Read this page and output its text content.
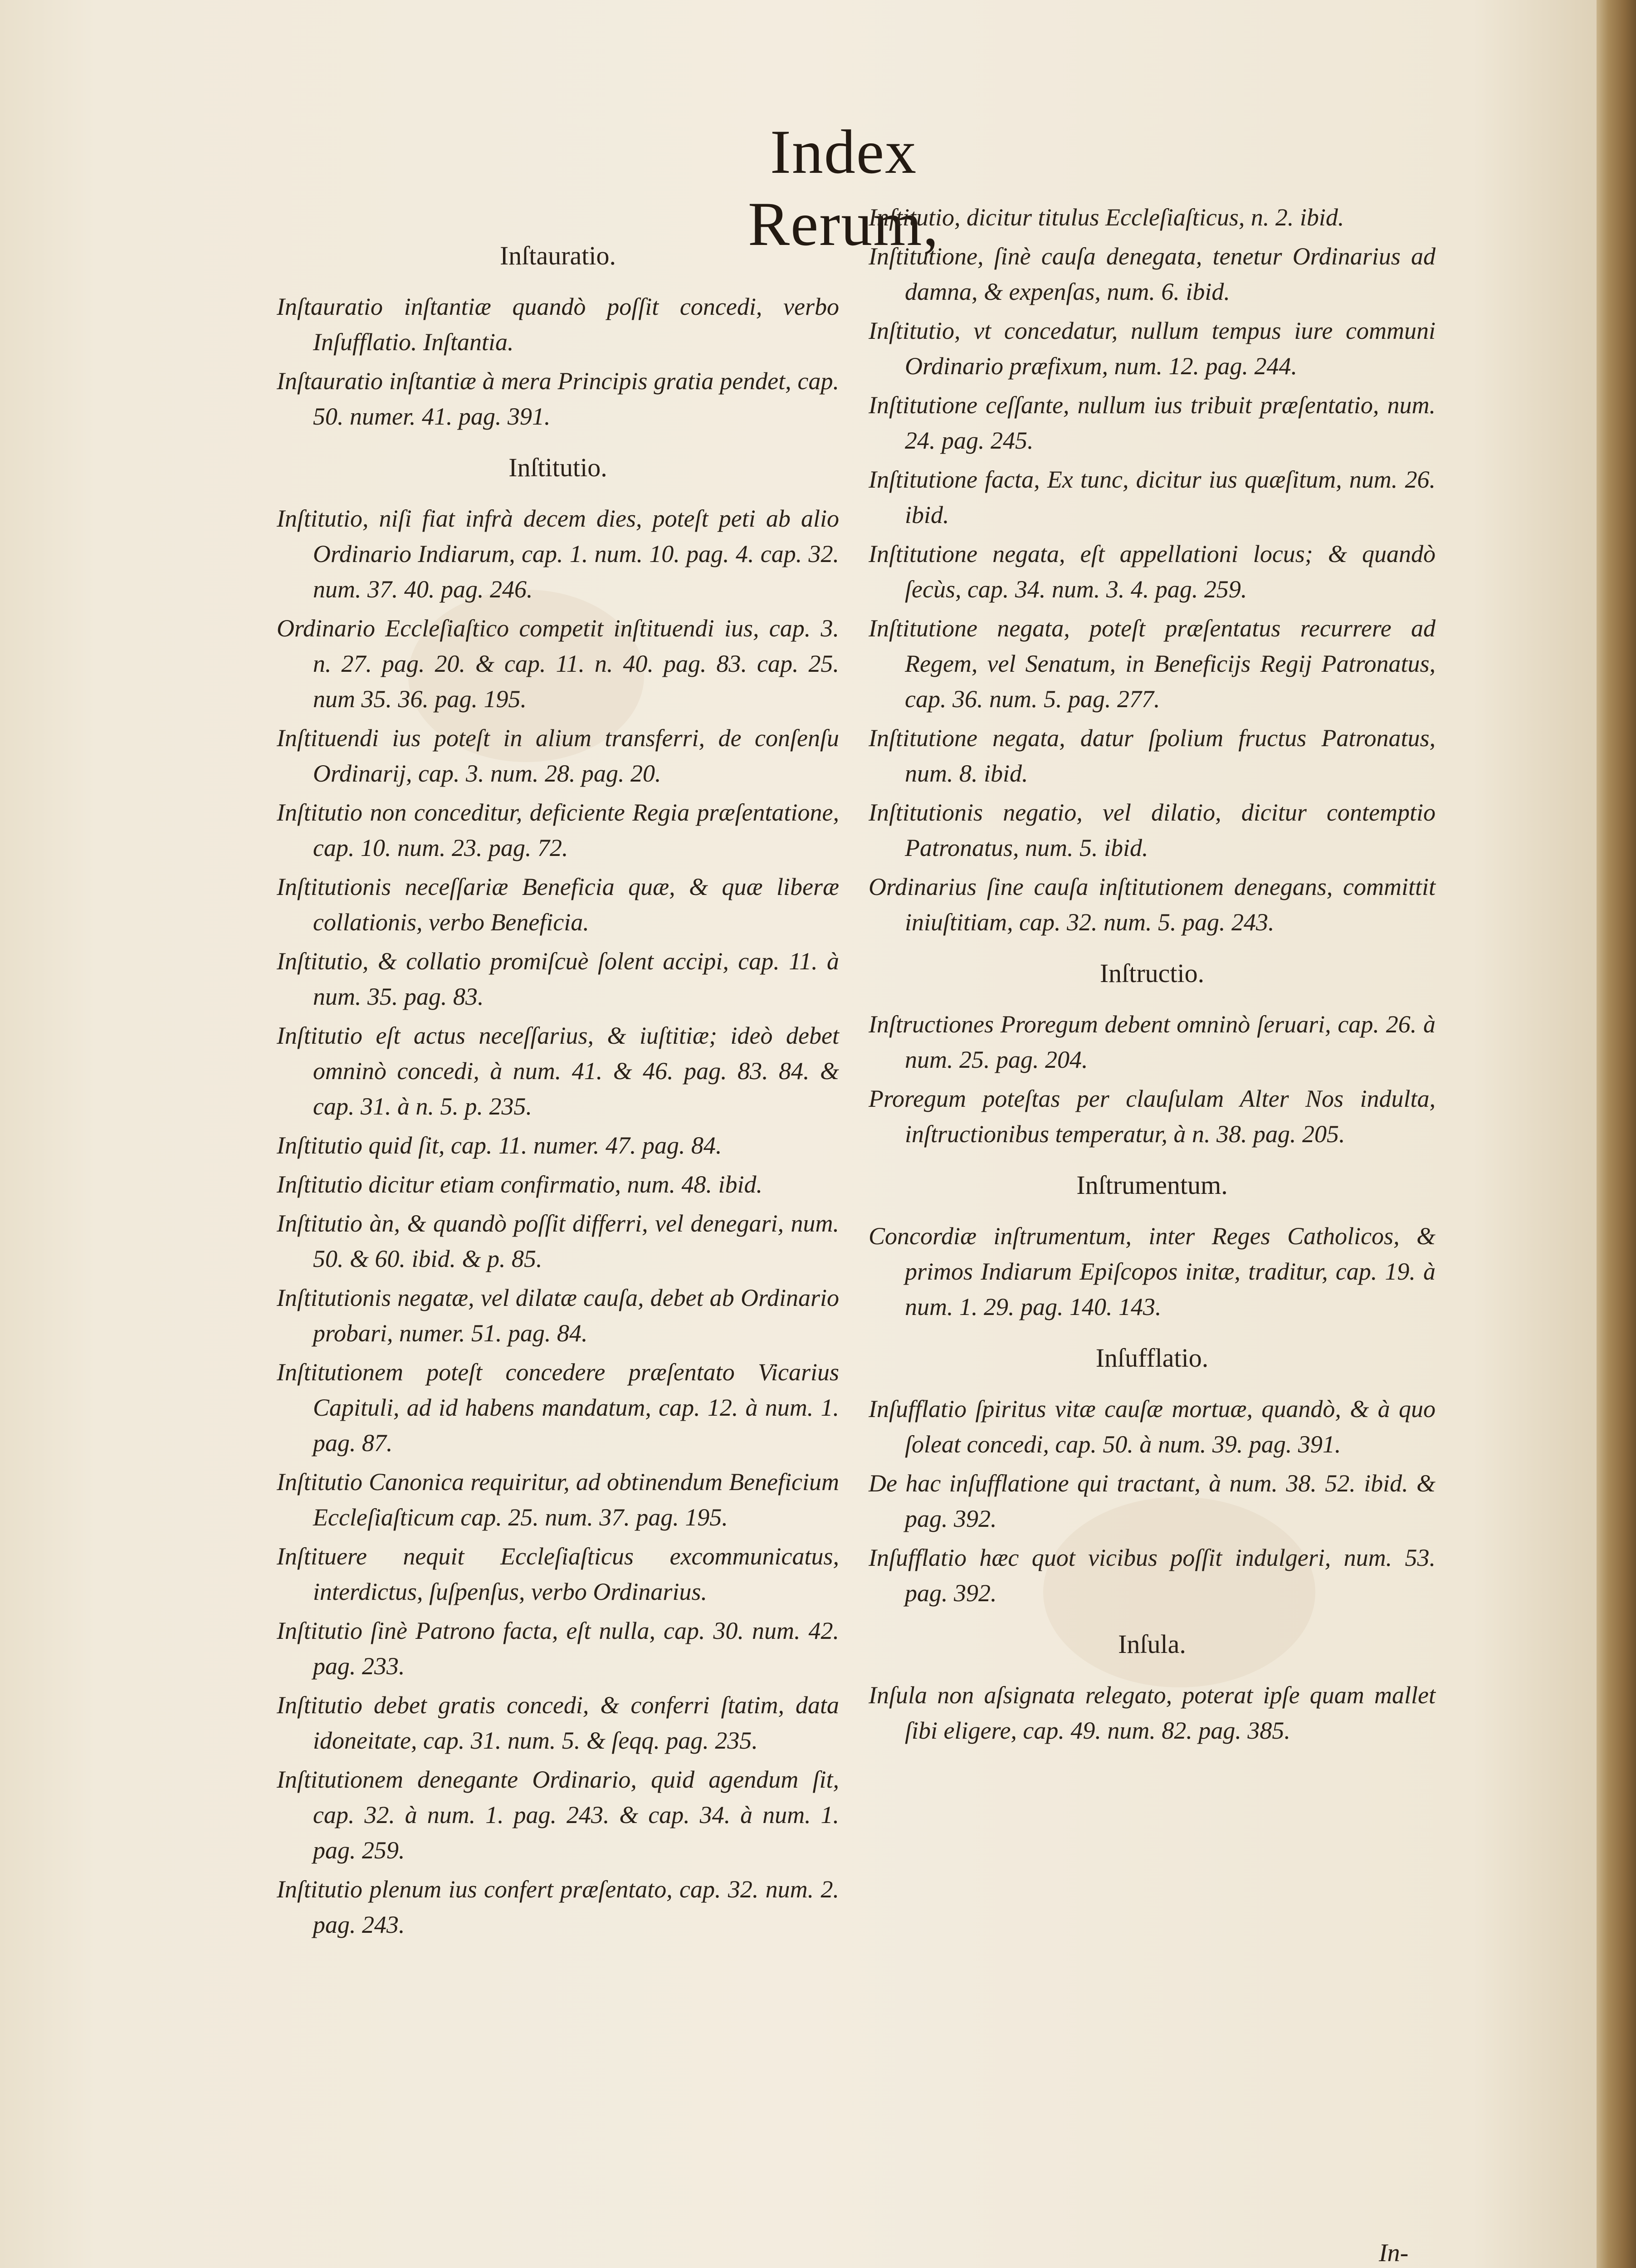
Index Rerum,
Inſtauratio.

Inſtauratio inſtantiæ quandò poſſit concedi, verbo Inſufflatio. Inſtantia.

Inſtauratio inſtantiæ à mera Principis gratia pendet, cap. 50. numer. 41. pag. 391.

Inſtitutio.

Inſtitutio, niſi fiat infrà decem dies, poteſt peti ab alio Ordinario Indiarum, cap. 1. num. 10. pag. 4. cap. 32. num. 37. 40. pag. 246.

Ordinario Eccleſiaſtico competit inſtituendi ius, cap. 3. n. 27. pag. 20. & cap. 11. n. 40. pag. 83. cap. 25. num 35. 36. pag. 195.

Inſtituendi ius poteſt in alium transferri, de conſenſu Ordinarij, cap. 3. num. 28. pag. 20.

Inſtitutio non conceditur, deficiente Regia præſentatione, cap. 10. num. 23. pag. 72.

Inſtitutionis neceſſariæ Beneficia quæ, & quæ liberæ collationis, verbo Beneficia.

Inſtitutio, & collatio promiſcuè ſolent accipi, cap. 11. à num. 35. pag. 83.

Inſtitutio eſt actus neceſſarius, & iuſtitiæ; ideò debet omninò concedi, à num. 41. & 46. pag. 83. 84. & cap. 31. à n. 5. p. 235.

Inſtitutio quid ſit, cap. 11. numer. 47. pag. 84.

Inſtitutio dicitur etiam confirmatio, num. 48. ibid.

Inſtitutio àn, & quandò poſſit differri, vel denegari, num. 50. & 60. ibid. & p. 85.

Inſtitutionis negatæ, vel dilatæ cauſa, debet ab Ordinario probari, numer. 51. pag. 84.

Inſtitutionem poteſt concedere præſentato Vicarius Capituli, ad id habens mandatum, cap. 12. à num. 1. pag. 87.

Inſtitutio Canonica requiritur, ad obtinendum Beneficium Eccleſiaſticum cap. 25. num. 37. pag. 195.

Inſtituere nequit Eccleſiaſticus excommunicatus, interdictus, ſuſpenſus, verbo Ordinarius.

Inſtitutio ſinè Patrono facta, eſt nulla, cap. 30. num. 42. pag. 233.

Inſtitutio debet gratis concedi, & conferri ſtatim, data idoneitate, cap. 31. num. 5. & ſeqq. pag. 235.

Inſtitutionem denegante Ordinario, quid agendum ſit, cap. 32. à num. 1. pag. 243. & cap. 34. à num. 1. pag. 259.

Inſtitutio plenum ius confert præſentato, cap. 32. num. 2. pag. 243.

Inſtitutio, dicitur titulus Eccleſiaſticus, n. 2. ibid.

Inſtitutione, ſinè cauſa denegata, tenetur Ordinarius ad damna, & expenſas, num. 6. ibid.

Inſtitutio, vt concedatur, nullum tempus iure communi Ordinario præfixum, num. 12. pag. 244.

Inſtitutione ceſſante, nullum ius tribuit præſentatio, num. 24. pag. 245.

Inſtitutione facta, Ex tunc, dicitur ius quæſitum, num. 26. ibid.

Inſtitutione negata, eſt appellationi locus; & quandò ſecùs, cap. 34. num. 3. 4. pag. 259.

Inſtitutione negata, poteſt præſentatus recurrere ad Regem, vel Senatum, in Beneficijs Regij Patronatus, cap. 36. num. 5. pag. 277.

Inſtitutione negata, datur ſpolium fructus Patronatus, num. 8. ibid.

Inſtitutionis negatio, vel dilatio, dicitur contemptio Patronatus, num. 5. ibid.

Ordinarius ſine cauſa inſtitutionem denegans, committit iniuſtitiam, cap. 32. num. 5. pag. 243.

Inſtructio.

Inſtructiones Proregum debent omninò ſeruari, cap. 26. à num. 25. pag. 204.

Proregum poteſtas per clauſulam Alter Nos indulta, inſtructionibus temperatur, à n. 38. pag. 205.

Inſtrumentum.

Concordiæ inſtrumentum, inter Reges Catholicos, & primos Indiarum Epiſcopos initæ, traditur, cap. 19. à num. 1. 29. pag. 140. 143.

Inſufflatio.

Inſufflatio ſpiritus vitæ cauſæ mortuæ, quandò, & à quo ſoleat concedi, cap. 50. à num. 39. pag. 391.

De hac inſufflatione qui tractant, à num. 38. 52. ibid. & pag. 392.

Inſufflatio hæc quot vicibus poſſit indulgeri, num. 53. pag. 392.

Inſula.

Inſula non aſsignata relegato, poterat ipſe quam mallet ſibi eligere, cap. 49. num. 82. pag. 385.

In-
